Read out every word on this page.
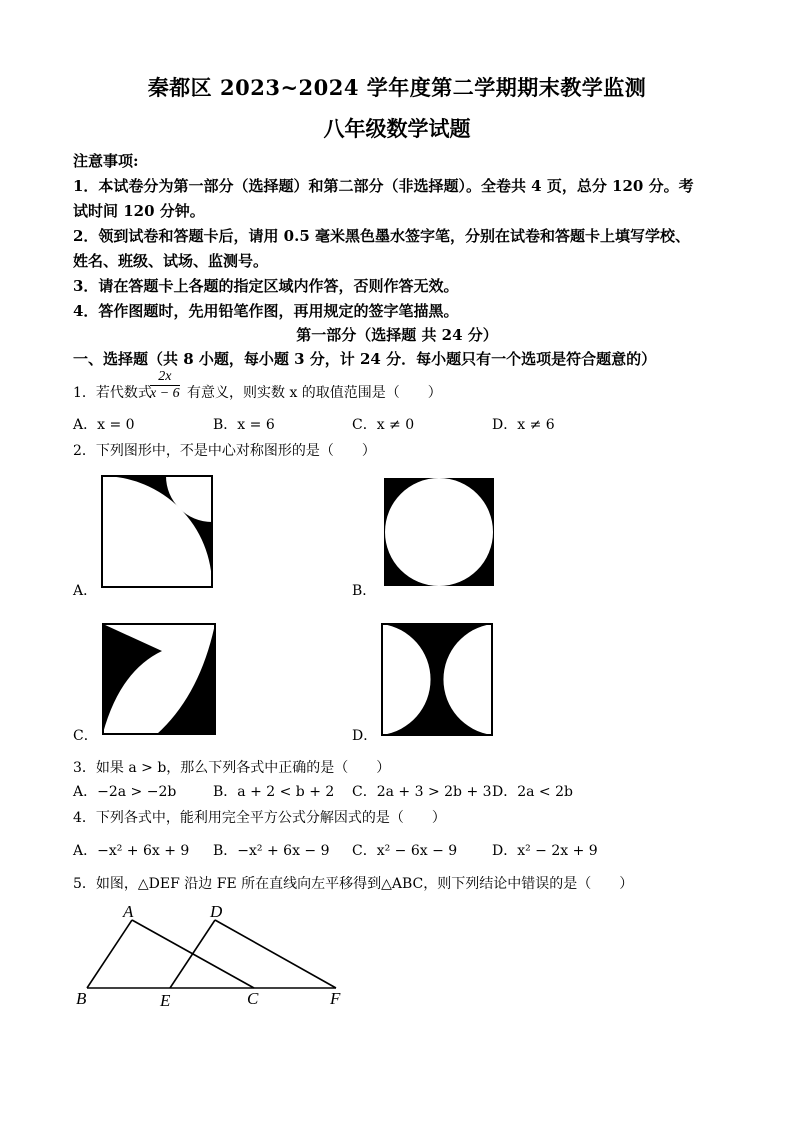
秦都区 2023~2024 学年度第二学期期末教学监测
八年级数学试题
注意事项:
1．本试卷分为第一部分（选择题）和第二部分（非选择题）。全卷共 4 页，总分 120 分。考
试时间 120 分钟。
2．领到试卷和答题卡后，请用 0.5 毫米黑色墨水签字笔，分别在试卷和答题卡上填写学校、
姓名、班级、试场、监测号。
3．请在答题卡上各题的指定区域内作答，否则作答无效。
4．答作图题时，先用铅笔作图，再用规定的签字笔描黑。
第一部分（选择题 共 24 分）
一、选择题（共 8 小题，每小题 3 分，计 24 分．每小题只有一个选项是符合题意的）
1．若代数式
$\frac{2x}{x - 6}$ 有意义，则实数 x 的取值范围是（　　）
A．x = 0	B．x = 6	C．x ≠ 0	D．x ≠ 6
2．下列图形中，不是中心对称图形的是（　　）
A．	B．
C．	D．
3．如果 a > b，那么下列各式中正确的是（　　）
A．−2a > −2b	B．a + 2 < b + 2 C．2a + 3 > 2b + 3 D．2a < 2b
4．下列各式中，能利用完全平方公式分解因式的是（　　）
A．−x² + 6x + 9 B．−x² + 6x − 9 C．x² − 6x − 9 D．x² − 2x + 9
5．如图，△DEF 沿边 FE 所在直线向左平移得到△ABC，则下列结论中错误的是（　　）
A	D
B	E	C	F
